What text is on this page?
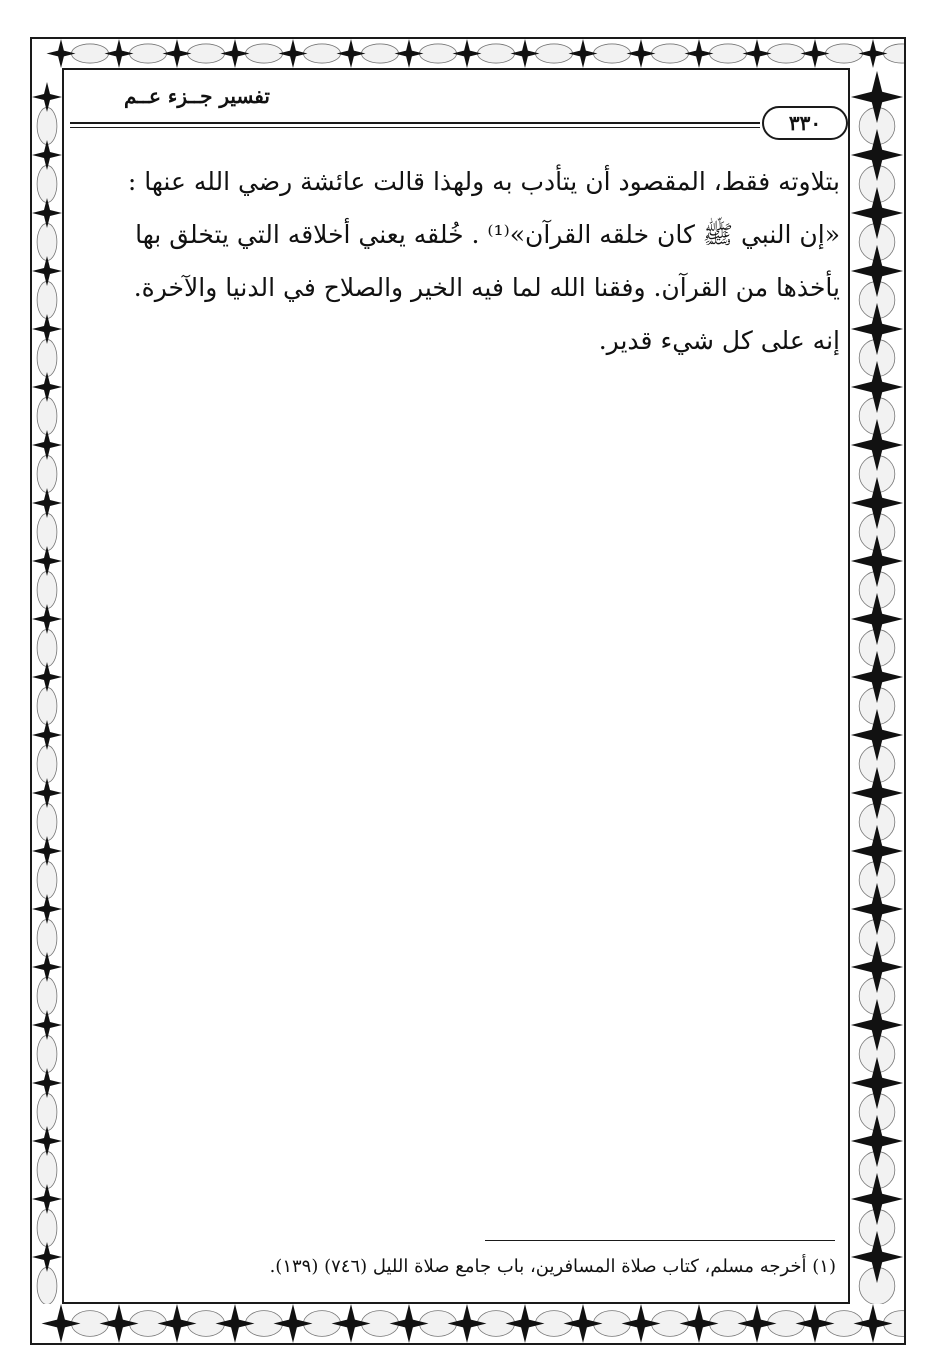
تفسير جــزء عــم
٣٣٠
بتلاوته فقط، المقصود أن يتأدب به ولهذا قالت عائشة رضي الله عنها :
«إن النبي ﷺ كان خلقه القرآن»⁽¹⁾ . خُلقه يعني أخلاقه التي يتخلق بها
يأخذها من القرآن. وفقنا الله لما فيه الخير والصلاح في الدنيا والآخرة.
إنه على كل شيء قدير.
(١) أخرجه مسلم، كتاب صلاة المسافرين، باب جامع صلاة الليل (٧٤٦) (١٣٩).
